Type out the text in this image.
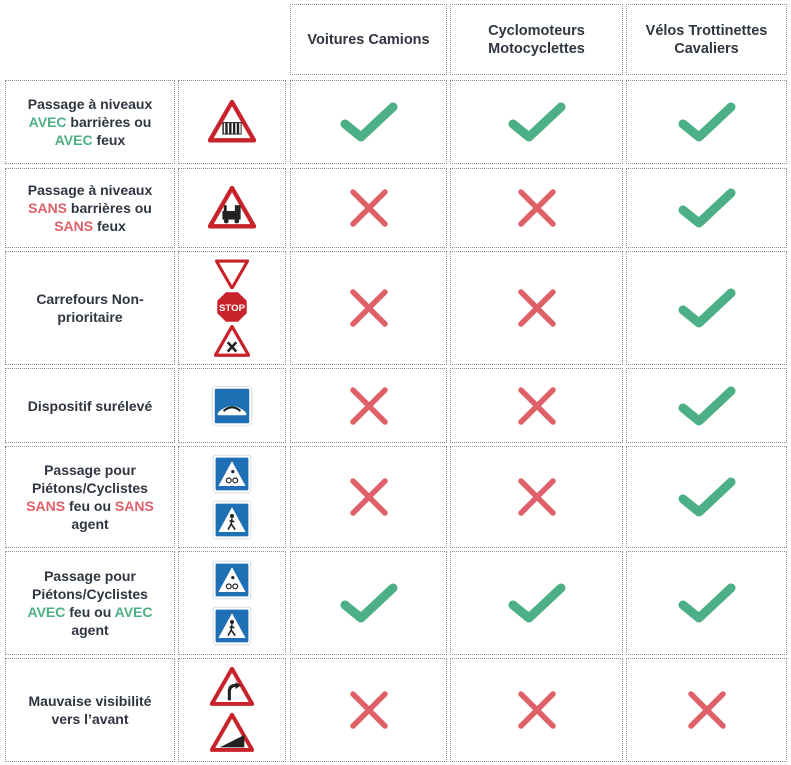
Voitures Camions
Cyclomoteurs Motocyclettes
Vélos Trottinettes Cavaliers
Passage à niveaux
AVEC barrières ou
AVEC feux
Passage à niveaux
SANS barrières ou
SANS feux
Carrefours Non-
prioritaire
STOP
Dispositif surélevé
Passage pour
Piétons/Cyclistes
SANS feu ou SANS
agent
Passage pour
Piétons/Cyclistes
AVEC feu ou AVEC
agent
Mauvaise visibilité
vers l’avant
